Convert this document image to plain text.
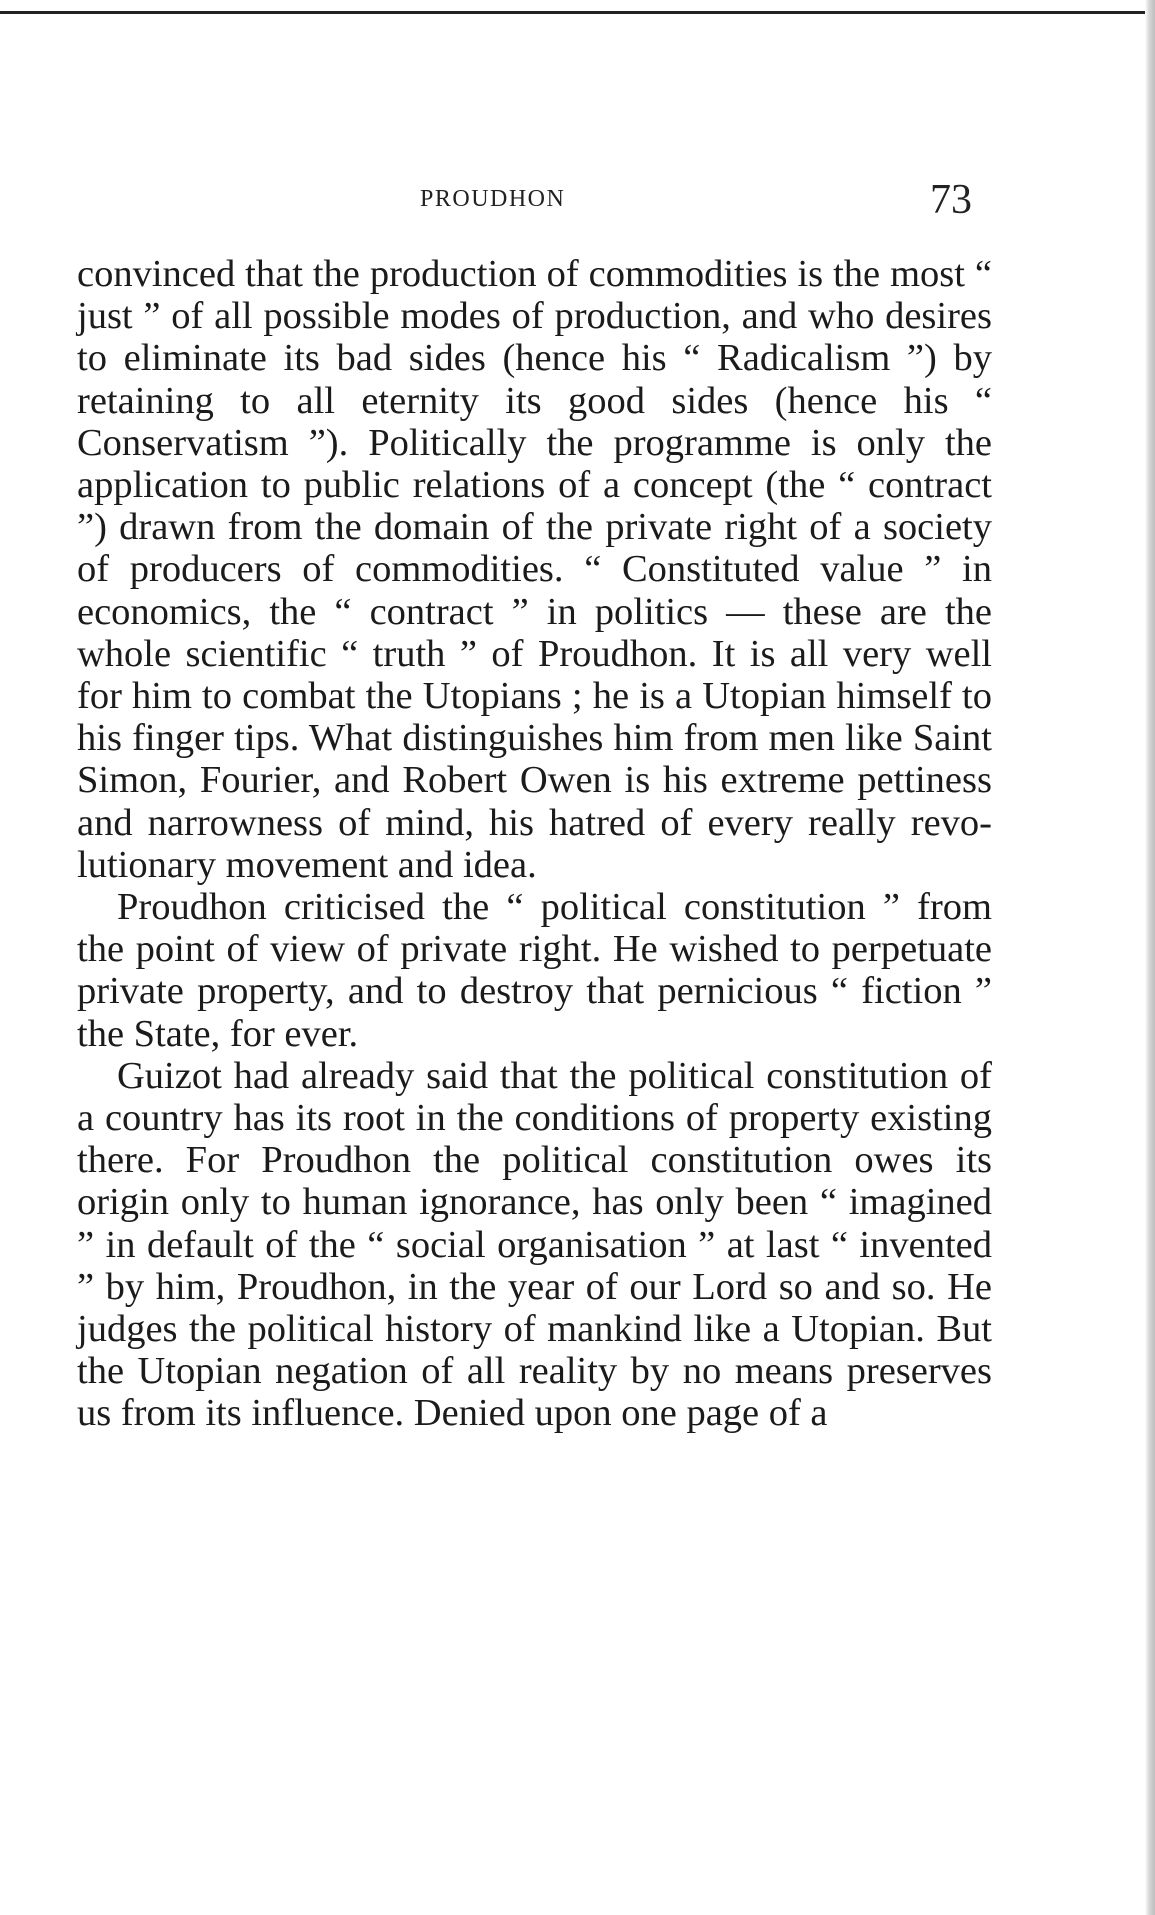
PROUDHON	73

convinced that the production of commodities is the most “ just ” of all possible modes of production, and who desires to eliminate its bad sides (hence his “ Radicalism ”) by retaining to all eternity its good sides (hence his “ Conservatism ”). Politically the programme is only the application to public relations of a concept (the “ contract ”) drawn from the domain of the private right of a society of producers of commodities. “ Constituted value ” in economics, the “ contract ” in politics — these are the whole scientific “ truth ” of Proudhon. It is all very well for him to combat the Utopians ; he is a Utopian himself to his finger tips. What distinguishes him from men like Saint Simon, Fourier, and Robert Owen is his extreme pettiness and narrowness of mind, his hatred of every really revolutionary movement and idea.

Proudhon criticised the “ political constitution ” from the point of view of private right. He wished to perpetuate private property, and to destroy that pernicious “ fiction ” the State, for ever.

Guizot had already said that the political constitution of a country has its root in the conditions of property existing there. For Proudhon the political constitution owes its origin only to human ignorance, has only been “ imagined ” in default of the “ social organisation ” at last “ invented ” by him, Proudhon, in the year of our Lord so and so. He judges the political history of mankind like a Utopian. But the Utopian negation of all reality by no means preserves us from its influence. Denied upon one page of a
